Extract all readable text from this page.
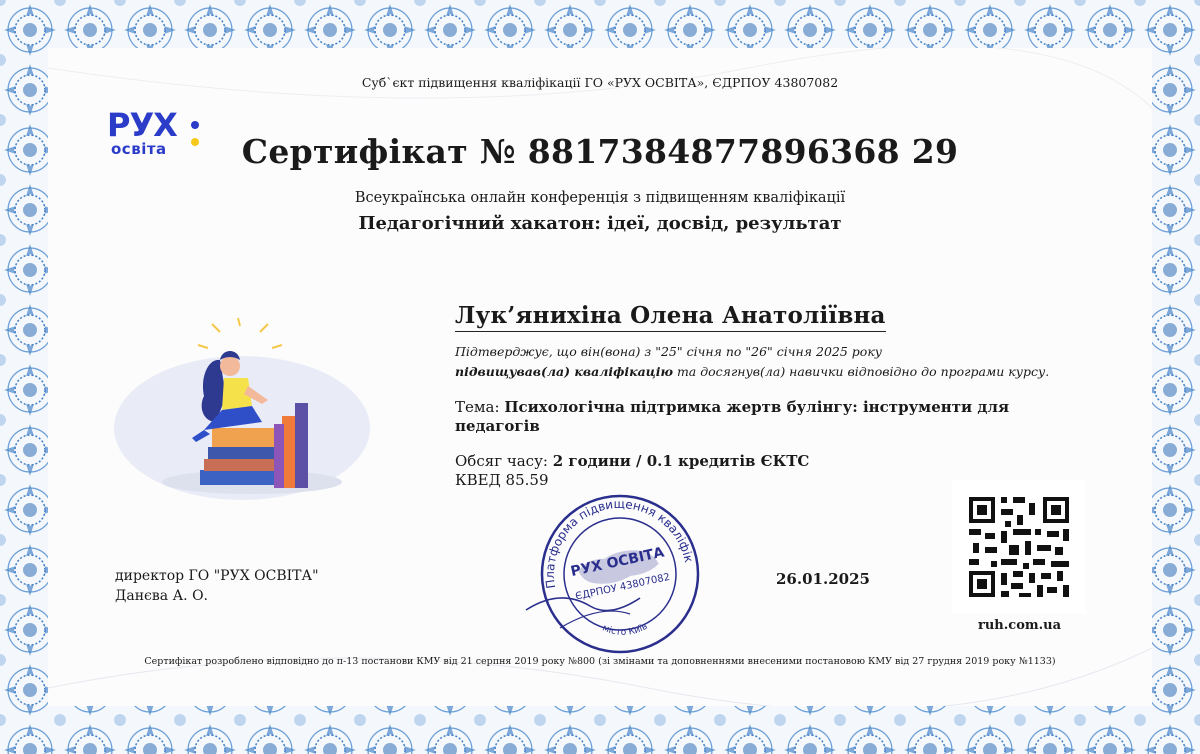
РУХ
освіта
Суб`єкт підвищення кваліфікації ГО «РУХ ОСВІТА», ЄДРПОУ 43807082
Сертифікат № 8817384877896368 29
Всеукраїнська онлайн конференція з підвищенням кваліфікації
Педагогічний хакатон: ідеї, досвід, результат
Лук’янихіна Олена Анатоліївна
Підтверджує, що він(вона) з "25" січня по "26" січня 2025 року
підвищував(ла) кваліфікацію та досягнув(ла) навички відповідно до програми курсу.
Тема: Психологічна підтримка жертв булінгу: інструменти для педагогів
Обсяг часу: 2 години / 0.1 кредитів ЄКТС
КВЕД 85.59
директор ГО "РУХ ОСВІТА"
Данєва А. О.
Платформа підвищення кваліфікації
РУХ ОСВІТА
ЄДРПОУ 43807082
місто Київ
26.01.2025
ruh.com.ua
Сертифікат розроблено відповідно до п-13 постанови КМУ від 21 серпня 2019 року №800 (зі змінами та доповненнями внесеними постановою КМУ від 27 грудня 2019 року №1133)
